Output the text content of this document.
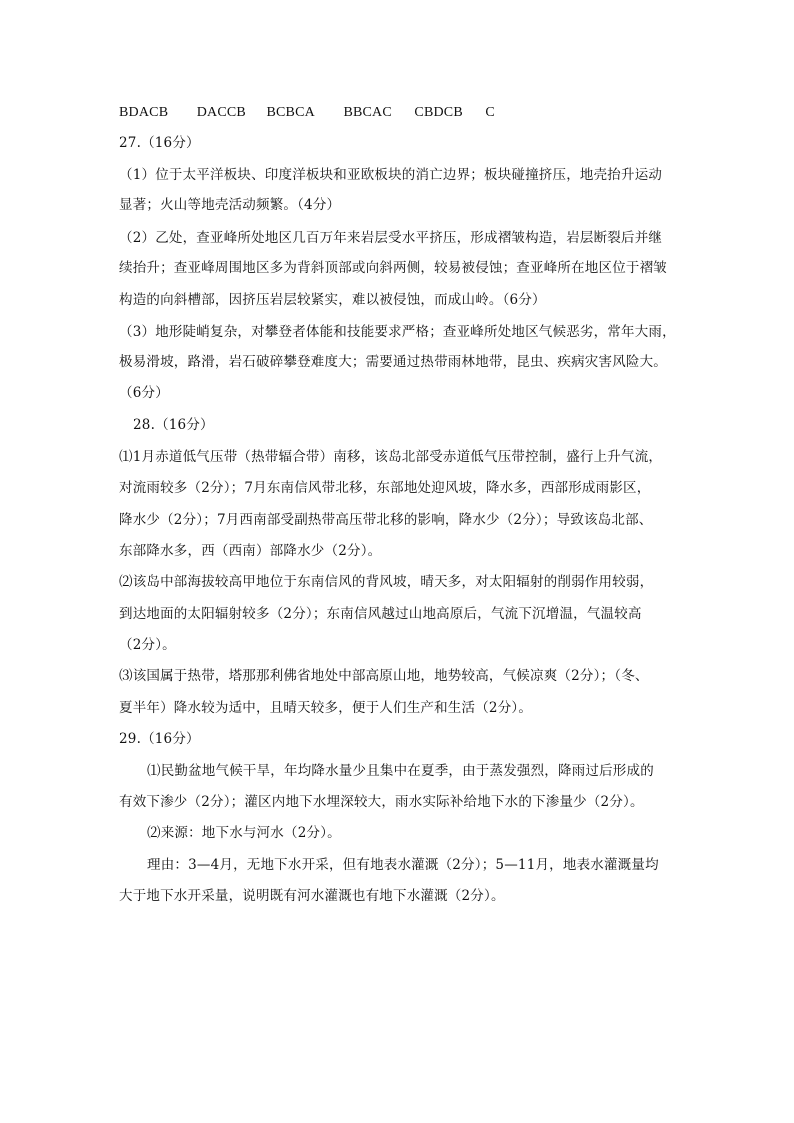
BDACB DACCB BCBCA BBCAC CBDCB C
27.（16分）
（1）位于太平洋板块、印度洋板块和亚欧板块的消亡边界；板块碰撞挤压，地壳抬升运动
显著；火山等地壳活动频繁。（4分）
（2）乙处，查亚峰所处地区几百万年来岩层受水平挤压，形成褶皱构造，岩层断裂后并继
续抬升；查亚峰周围地区多为背斜顶部或向斜两侧，较易被侵蚀；查亚峰所在地区位于褶皱
构造的向斜槽部，因挤压岩层较紧实，难以被侵蚀，而成山岭。（6分）
（3）地形陡峭复杂，对攀登者体能和技能要求严格；查亚峰所处地区气候恶劣，常年大雨，
极易滑坡，路滑，岩石破碎攀登难度大；需要通过热带雨林地带，昆虫、疾病灾害风险大。
（6分）
28.（16分）
⑴1月赤道低气压带（热带辐合带）南移，该岛北部受赤道低气压带控制，盛行上升气流，
对流雨较多（2分）；7月东南信风带北移，东部地处迎风坡，降水多，西部形成雨影区，
降水少（2分）；7月西南部受副热带高压带北移的影响，降水少（2分）；导致该岛北部、
东部降水多，西（西南）部降水少（2分）。
⑵该岛中部海拔较高甲地位于东南信风的背风坡，晴天多，对太阳辐射的削弱作用较弱，
到达地面的太阳辐射较多（2分）；东南信风越过山地高原后，气流下沉增温，气温较高
（2分）。
⑶该国属于热带，塔那那利佛省地处中部高原山地，地势较高，气候凉爽（2分）；（冬、
夏半年）降水较为适中，且晴天较多，便于人们生产和生活（2分）。
29.（16分）
⑴民勤盆地气候干旱，年均降水量少且集中在夏季，由于蒸发强烈，降雨过后形成的
有效下渗少（2分）；灌区内地下水埋深较大，雨水实际补给地下水的下渗量少（2分）。
⑵来源：地下水与河水（2分）。
理由：3—4月，无地下水开采，但有地表水灌溉（2分）；5—11月，地表水灌溉量均
大于地下水开采量，说明既有河水灌溉也有地下水灌溉（2分）。
